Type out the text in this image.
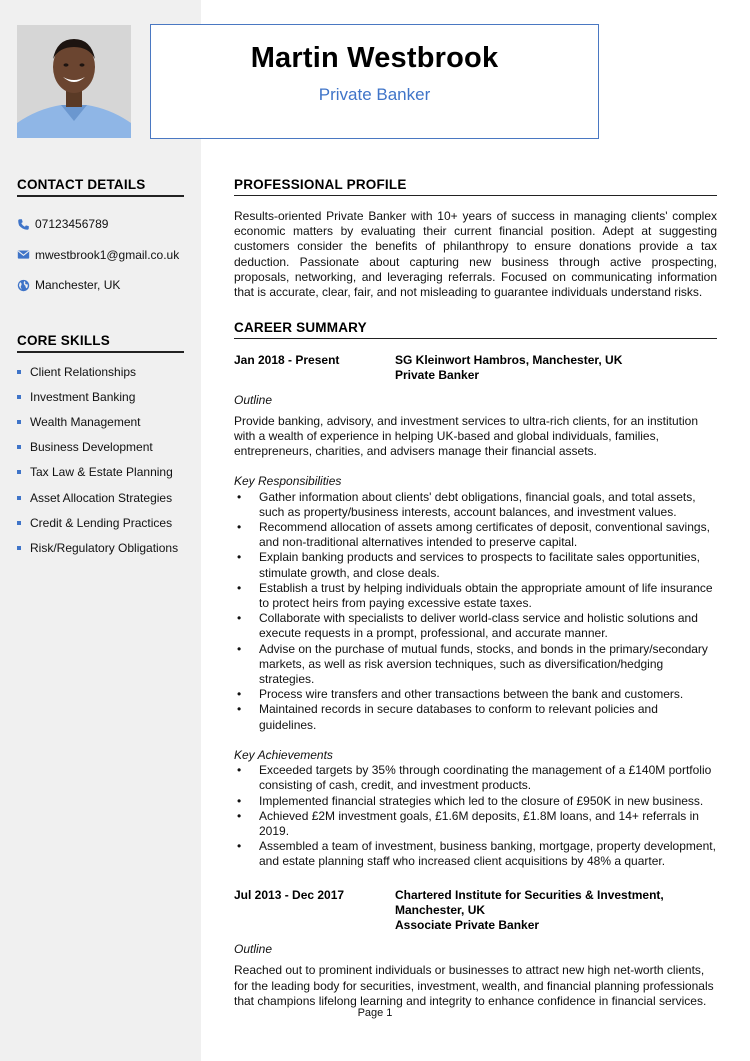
Martin Westbrook
Private Banker
CONTACT DETAILS
07123456789
mwestbrook1@gmail.co.uk
Manchester, UK
CORE SKILLS
Client Relationships
Investment Banking
Wealth Management
Business Development
Tax Law & Estate Planning
Asset Allocation Strategies
Credit & Lending Practices
Risk/Regulatory Obligations
PROFESSIONAL PROFILE
Results-oriented Private Banker with 10+ years of success in managing clients' complex economic matters by evaluating their current financial position. Adept at suggesting customers consider the benefits of philanthropy to ensure donations provide a tax deduction. Passionate about capturing new business through active prospecting, proposals, networking, and leveraging referrals. Focused on communicating information that is accurate, clear, fair, and not misleading to guarantee individuals understand risks.
CAREER SUMMARY
Jan 2018 - Present	SG Kleinwort Hambros, Manchester, UK
Private Banker
Outline
Provide banking, advisory, and investment services to ultra-rich clients, for an institution with a wealth of experience in helping UK-based and global individuals, families, entrepreneurs, charities, and advisers manage their financial assets.
Key Responsibilities
• Gather information about clients' debt obligations, financial goals, and total assets, such as property/business interests, account balances, and investment values.
• Recommend allocation of assets among certificates of deposit, conventional savings, and non-traditional alternatives intended to preserve capital.
• Explain banking products and services to prospects to facilitate sales opportunities, stimulate growth, and close deals.
• Establish a trust by helping individuals obtain the appropriate amount of life insurance to protect heirs from paying excessive estate taxes.
• Collaborate with specialists to deliver world-class service and holistic solutions and execute requests in a prompt, professional, and accurate manner.
• Advise on the purchase of mutual funds, stocks, and bonds in the primary/secondary markets, as well as risk aversion techniques, such as diversification/hedging strategies.
• Process wire transfers and other transactions between the bank and customers.
• Maintained records in secure databases to conform to relevant policies and guidelines.
Key Achievements
• Exceeded targets by 35% through coordinating the management of a £140M portfolio consisting of cash, credit, and investment products.
• Implemented financial strategies which led to the closure of £950K in new business.
• Achieved £2M investment goals, £1.6M deposits, £1.8M loans, and 14+ referrals in 2019.
• Assembled a team of investment, business banking, mortgage, property development, and estate planning staff who increased client acquisitions by 48% a quarter.
Jul 2013 - Dec 2017	Chartered Institute for Securities & Investment,
Manchester, UK
Associate Private Banker
Outline
Reached out to prominent individuals or businesses to attract new high net-worth clients, for the leading body for securities, investment, wealth, and financial planning professionals that champions lifelong learning and integrity to enhance confidence in financial services.
Page 1
